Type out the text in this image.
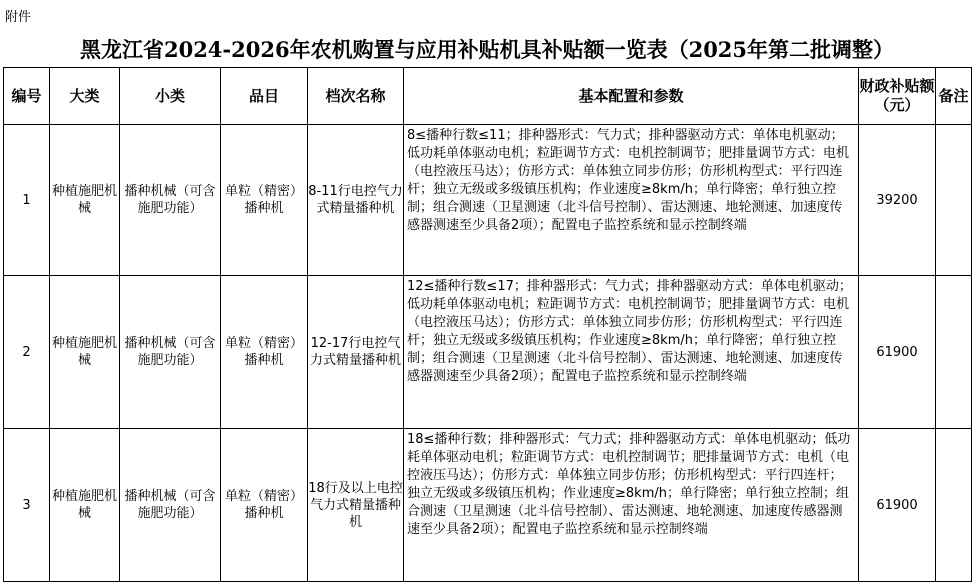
附件
黑龙江省2024-2026年农机购置与应用补贴机具补贴额一览表（2025年第二批调整）
编号	大类	小类	品目	档次名称	基本配置和参数	财政补贴额（元）	备注
1	种植施肥机械	播种机械（可含施肥功能）	单粒（精密）播种机	8-11行电控气力式精量播种机	8≤播种行数≤11；排种器形式：气力式；排种器驱动方式：单体电机驱动；低功耗单体驱动电机；粒距调节方式：电机控制调节；肥排量调节方式：电机（电控液压马达）；仿形方式：单体独立同步仿形；仿形机构型式：平行四连杆；独立无级或多级镇压机构；作业速度≥8km/h；单行降密；单行独立控制；组合测速（卫星测速（北斗信号控制）、雷达测速、地轮测速、加速度传感器测速至少具备2项）；配置电子监控系统和显示控制终端	39200	
2	种植施肥机械	播种机械（可含施肥功能）	单粒（精密）播种机	12-17行电控气力式精量播种机	12≤播种行数≤17；排种器形式：气力式；排种器驱动方式：单体电机驱动；低功耗单体驱动电机；粒距调节方式：电机控制调节；肥排量调节方式：电机（电控液压马达）；仿形方式：单体独立同步仿形；仿形机构型式：平行四连杆；独立无级或多级镇压机构；作业速度≥8km/h；单行降密；单行独立控制；组合测速（卫星测速（北斗信号控制）、雷达测速、地轮测速、加速度传感器测速至少具备2项）；配置电子监控系统和显示控制终端	61900	
3	种植施肥机械	播种机械（可含施肥功能）	单粒（精密）播种机	18行及以上电控气力式精量播种机	18≤播种行数；排种器形式：气力式；排种器驱动方式：单体电机驱动；低功耗单体驱动电机；粒距调节方式：电机控制调节；肥排量调节方式：电机（电控液压马达）；仿形方式：单体独立同步仿形；仿形机构型式：平行四连杆；独立无级或多级镇压机构；作业速度≥8km/h；单行降密；单行独立控制；组合测速（卫星测速（北斗信号控制）、雷达测速、地轮测速、加速度传感器测速至少具备2项）；配置电子监控系统和显示控制终端	61900	
